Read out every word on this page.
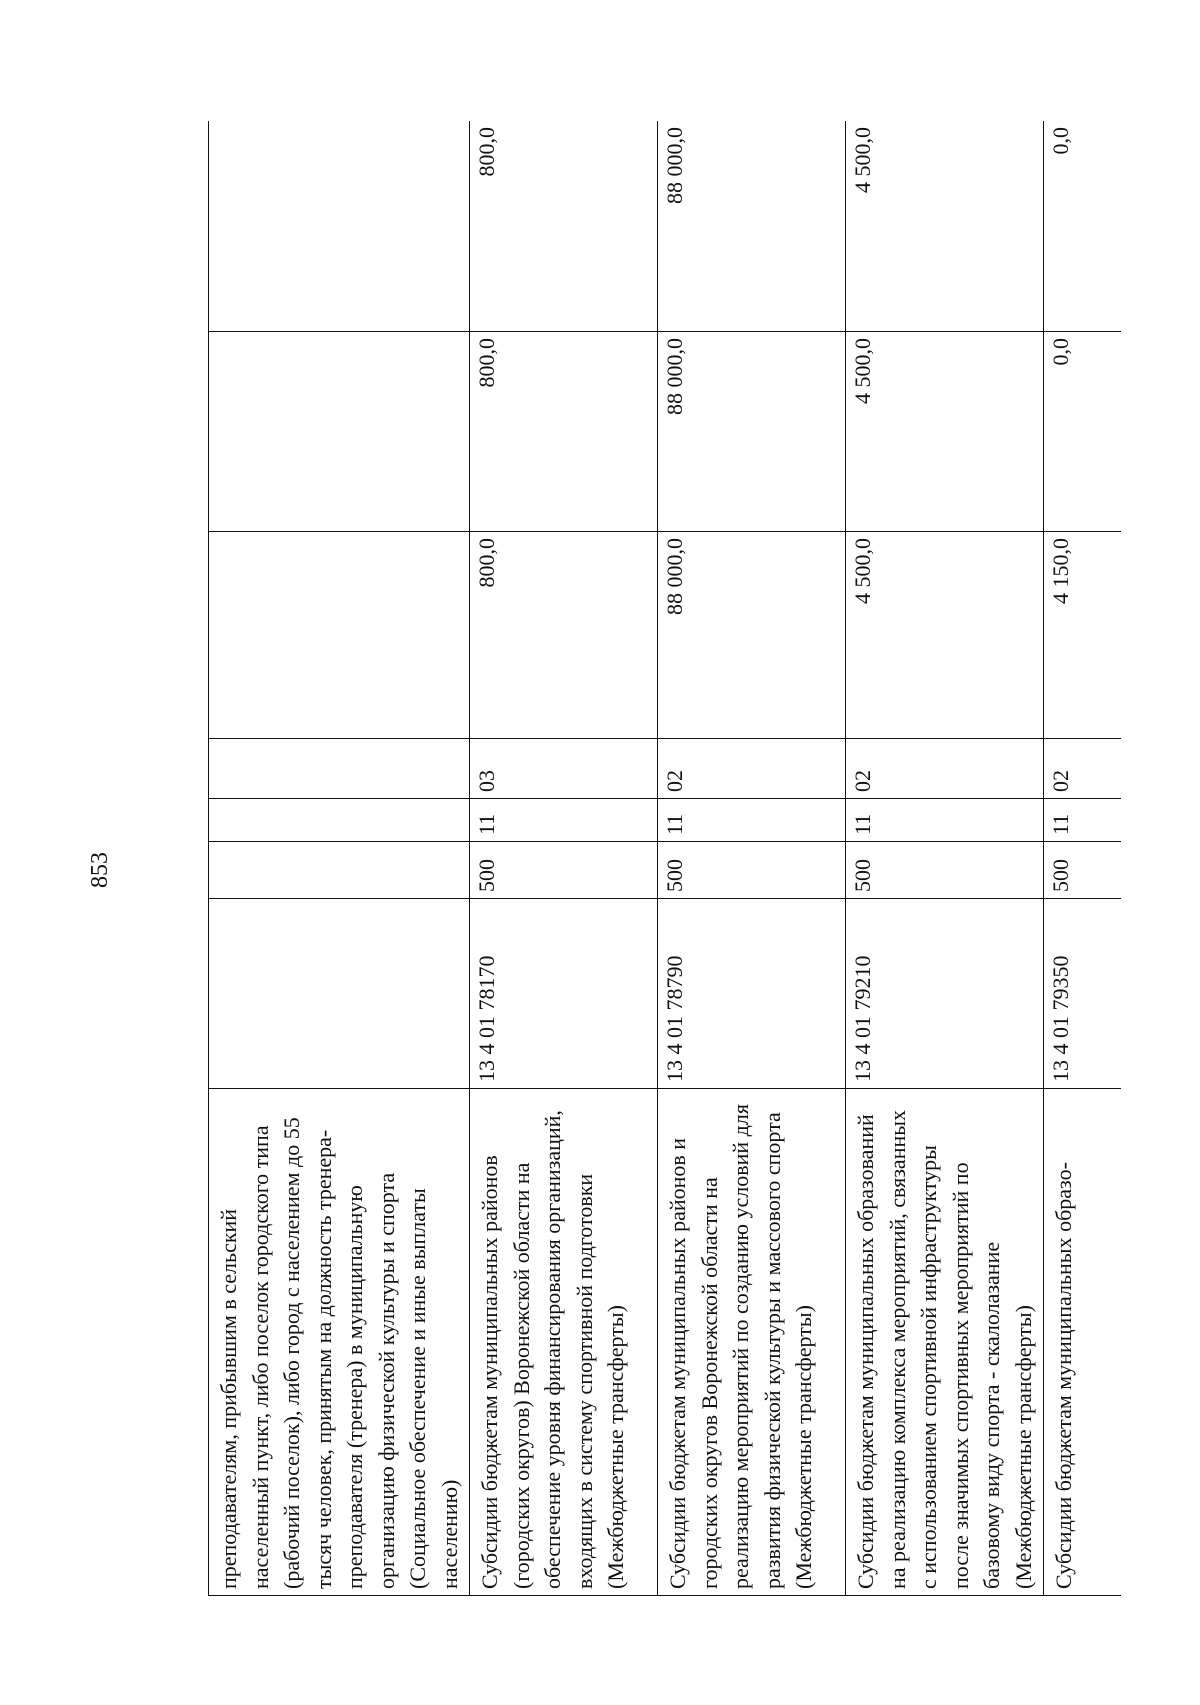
853
преподавателям, прибывшим в сельский населенный пункт, либо поселок городского типа (рабочий поселок), либо город с населением до 55 тысяч человек, принятым на должность тренера-преподавателя (тренера) в муниципальную организацию физической культуры и спорта (Социальное обеспечение и иные выплаты населению)							
Субсидии бюджетам муниципальных районов (городских округов) Воронежской области на обеспечение уровня финансирования организаций, входящих в систему спортивной подготовки (Межбюджетные трансферты)	13 4 01 78170	500	11	03	800,0	800,0	800,0
Субсидии бюджетам муниципальных районов и городских округов Воронежской области на реализацию мероприятий по созданию условий для развития физической культуры и массового спорта (Межбюджетные трансферты)	13 4 01 78790	500	11	02	88 000,0	88 000,0	88 000,0
Субсидии бюджетам муниципальных образований на реализацию комплекса мероприятий, связанных с использованием спортивной инфраструктуры после значимых спортивных мероприятий по базовому виду спорта - скалолазание (Межбюджетные трансферты)	13 4 01 79210	500	11	02	4 500,0	4 500,0	4 500,0
Субсидии бюджетам муниципальных образо-	13 4 01 79350	500	11	02	4 150,0	0,0	0,0
